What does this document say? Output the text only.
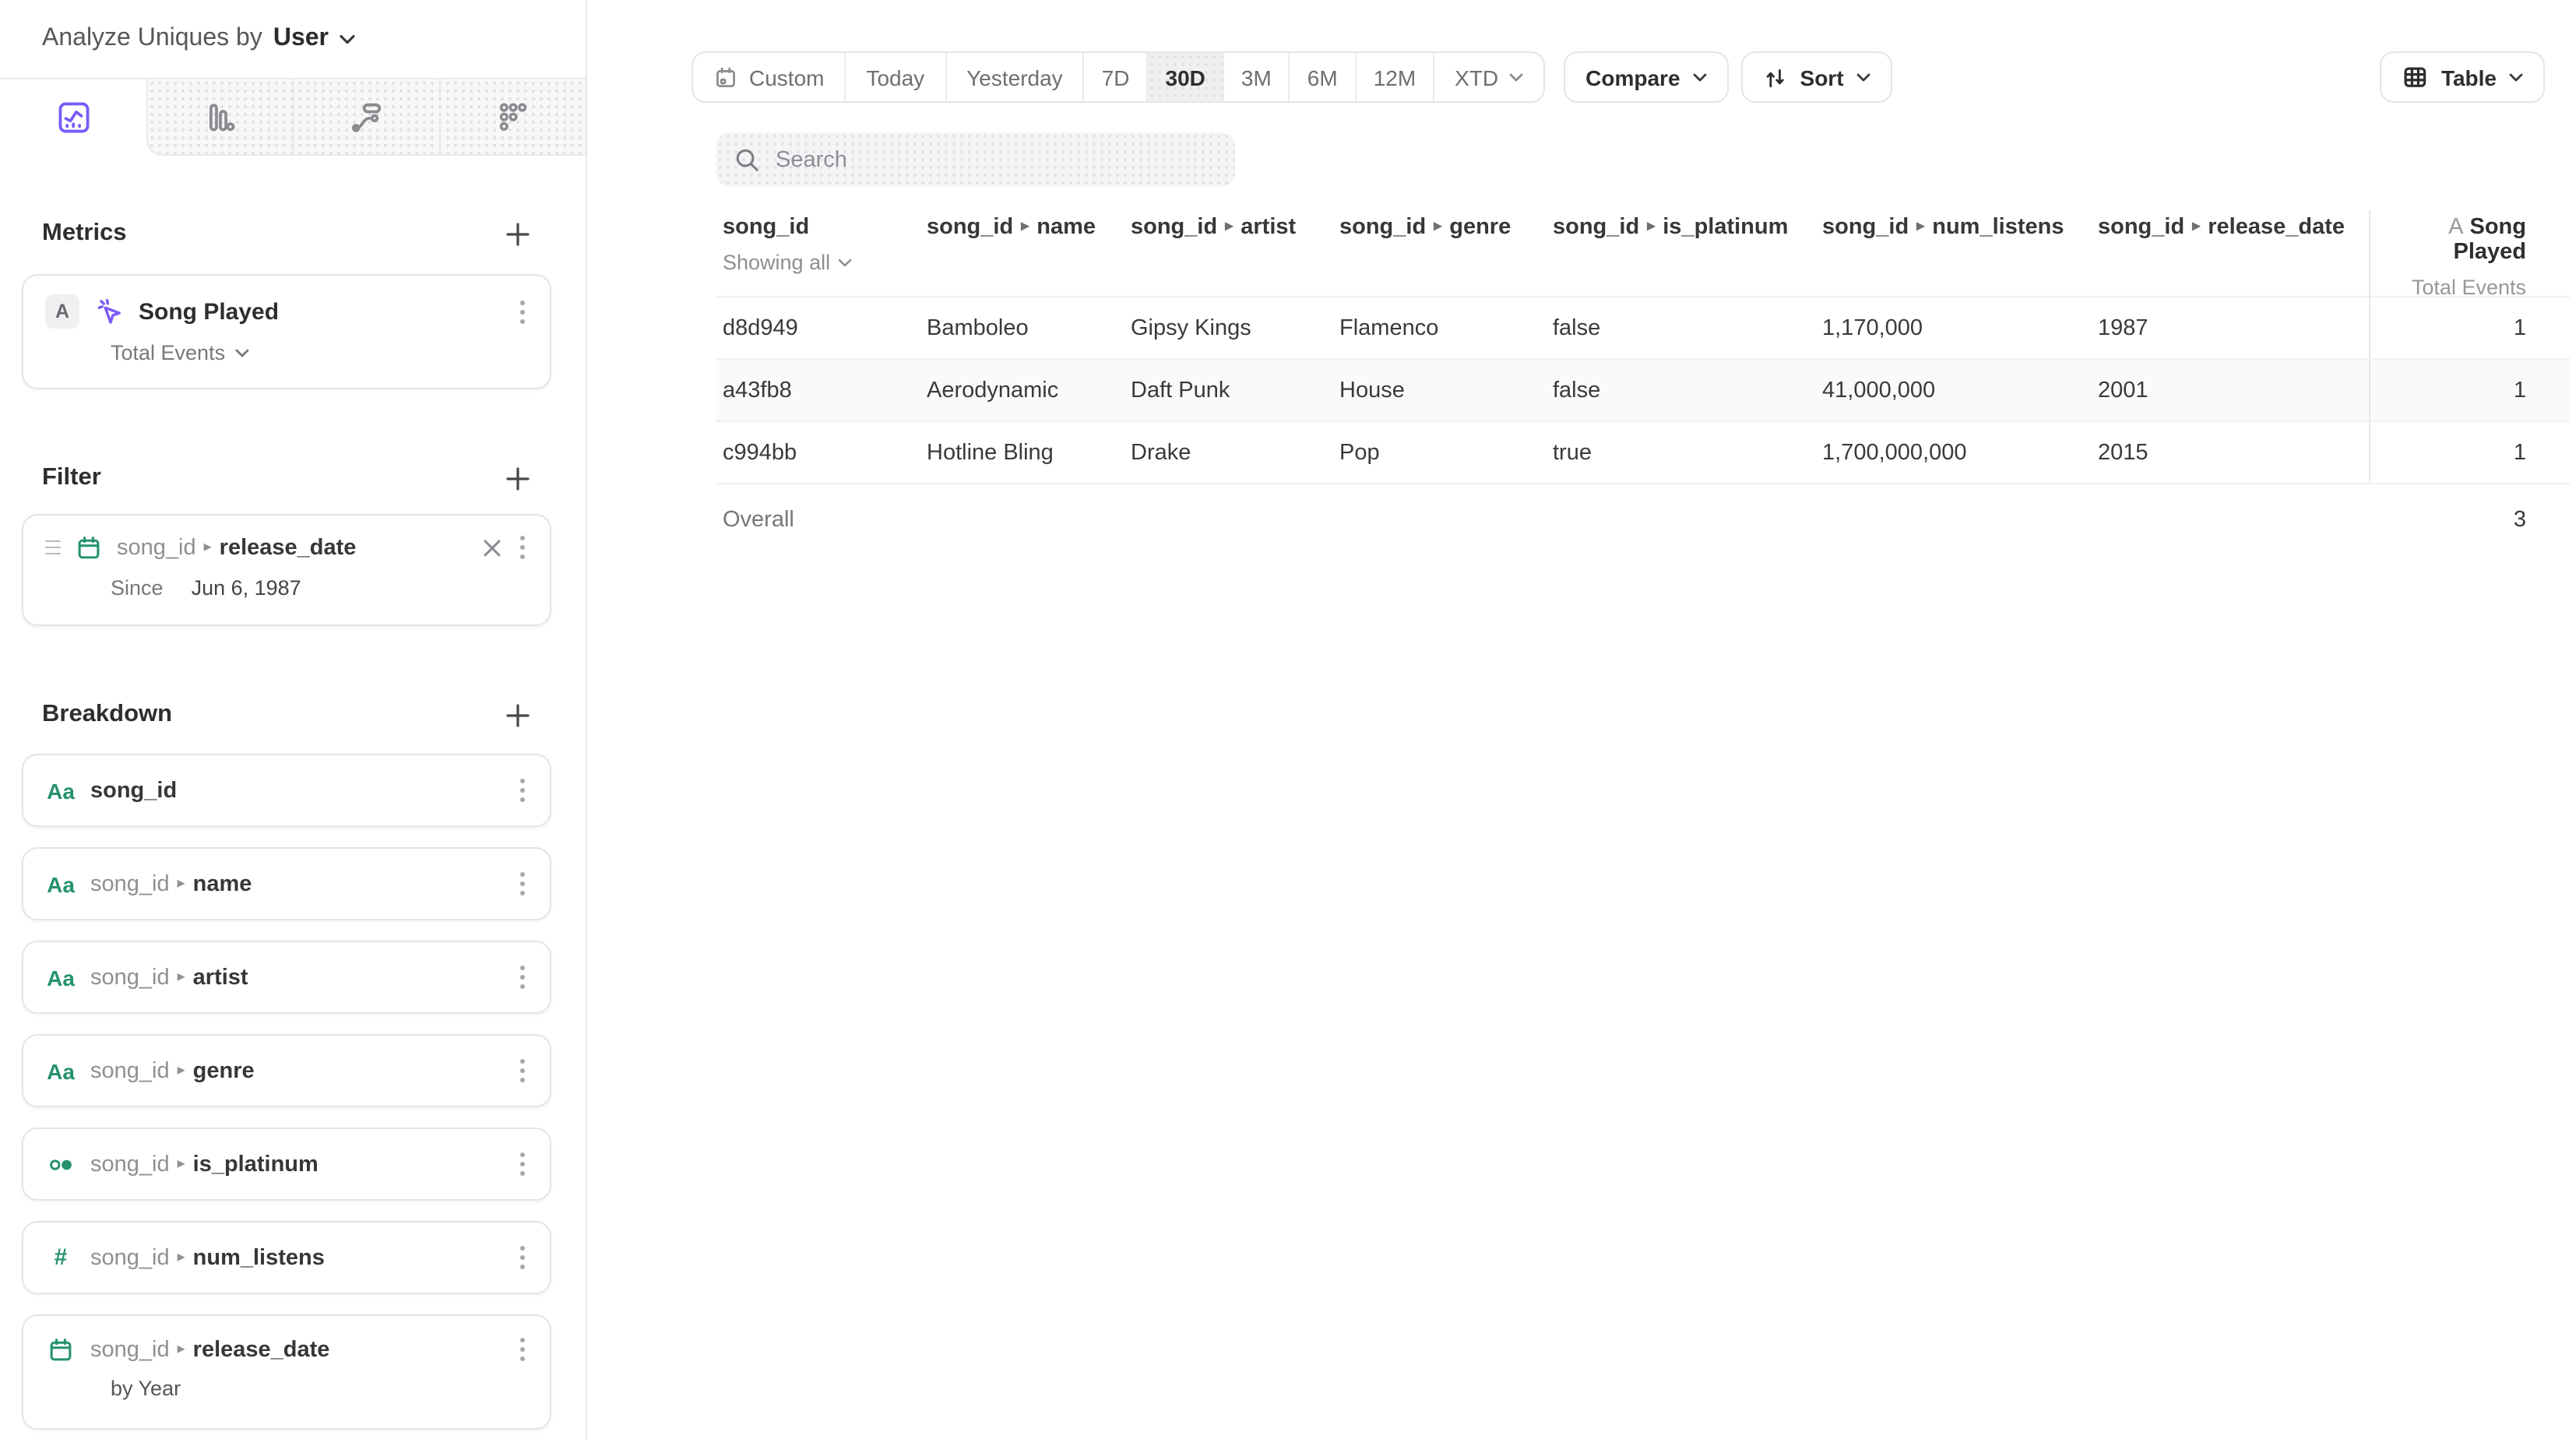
Analyze Uniques by User
Metrics
A	Song Played
Total Events
Filter
song_id ▸ release_date
Since	Jun 6, 1987
Breakdown
Aa song_id
Aa song_id ▸ name
Aa song_id ▸ artist
Aa song_id ▸ genre
song_id ▸ is_platinum
#	song_id ▸ num_listens
song_id ▸ release_date
by Year
Custom	Today	Yesterday	7D	30D	3M	6M	12M	XTD	Compare	Sort	Table
Search
song_id
Showing all
song_id ▸ name	song_id ▸ artist	song_id ▸ genre	song_id ▸ is_platinum	song_id ▸ num_listens	song_id ▸ release_date	A Song Played
Total Events
d8d949	Bamboleo	Gipsy Kings	Flamenco	false	1,170,000	1987	1
a43fb8	Aerodynamic	Daft Punk	House	false	41,000,000	2001	1
c994bb	Hotline Bling	Drake	Pop	true	1,700,000,000	2015	1
Overall	3
